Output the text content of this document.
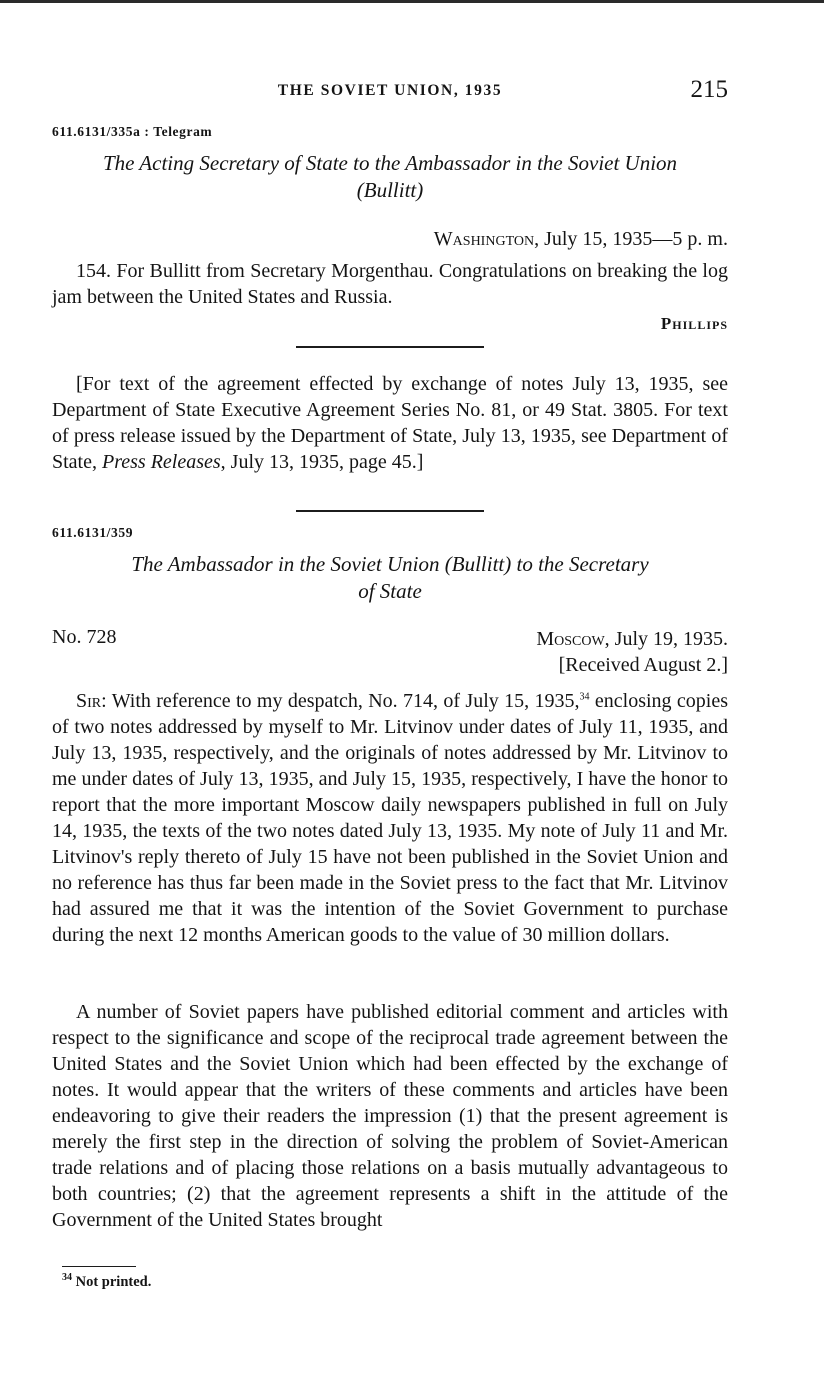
THE SOVIET UNION, 1935	215
611.6131/335a : Telegram
The Acting Secretary of State to the Ambassador in the Soviet Union
(Bullitt)
Washington, July 15, 1935—5 p. m.

154. For Bullitt from Secretary Morgenthau. Congratulations on breaking the log jam between the United States and Russia.

Phillips

[For text of the agreement effected by exchange of notes July 13, 1935, see Department of State Executive Agreement Series No. 81, or 49 Stat. 3805. For text of press release issued by the Department of State, July 13, 1935, see Department of State, Press Releases, July 13, 1935, page 45.]

611.6131/359
The Ambassador in the Soviet Union (Bullitt) to the Secretary
of State
No. 728	Moscow, July 19, 1935.
[Received August 2.]

Sir: With reference to my despatch, No. 714, of July 15, 1935,34 enclosing copies of two notes addressed by myself to Mr. Litvinov under dates of July 11, 1935, and July 13, 1935, respectively, and the originals of notes addressed by Mr. Litvinov to me under dates of July 13, 1935, and July 15, 1935, respectively, I have the honor to report that the more important Moscow daily newspapers published in full on July 14, 1935, the texts of the two notes dated July 13, 1935. My note of July 11 and Mr. Litvinov's reply thereto of July 15 have not been published in the Soviet Union and no reference has thus far been made in the Soviet press to the fact that Mr. Litvinov had assured me that it was the intention of the Soviet Government to purchase during the next 12 months American goods to the value of 30 million dollars.

A number of Soviet papers have published editorial comment and articles with respect to the significance and scope of the reciprocal trade agreement between the United States and the Soviet Union which had been effected by the exchange of notes. It would appear that the writers of these comments and articles have been endeavoring to give their readers the impression (1) that the present agreement is merely the first step in the direction of solving the problem of Soviet-American trade relations and of placing those relations on a basis mutually advantageous to both countries; (2) that the agreement represents a shift in the attitude of the Government of the United States brought

$^{34}$ Not printed.
